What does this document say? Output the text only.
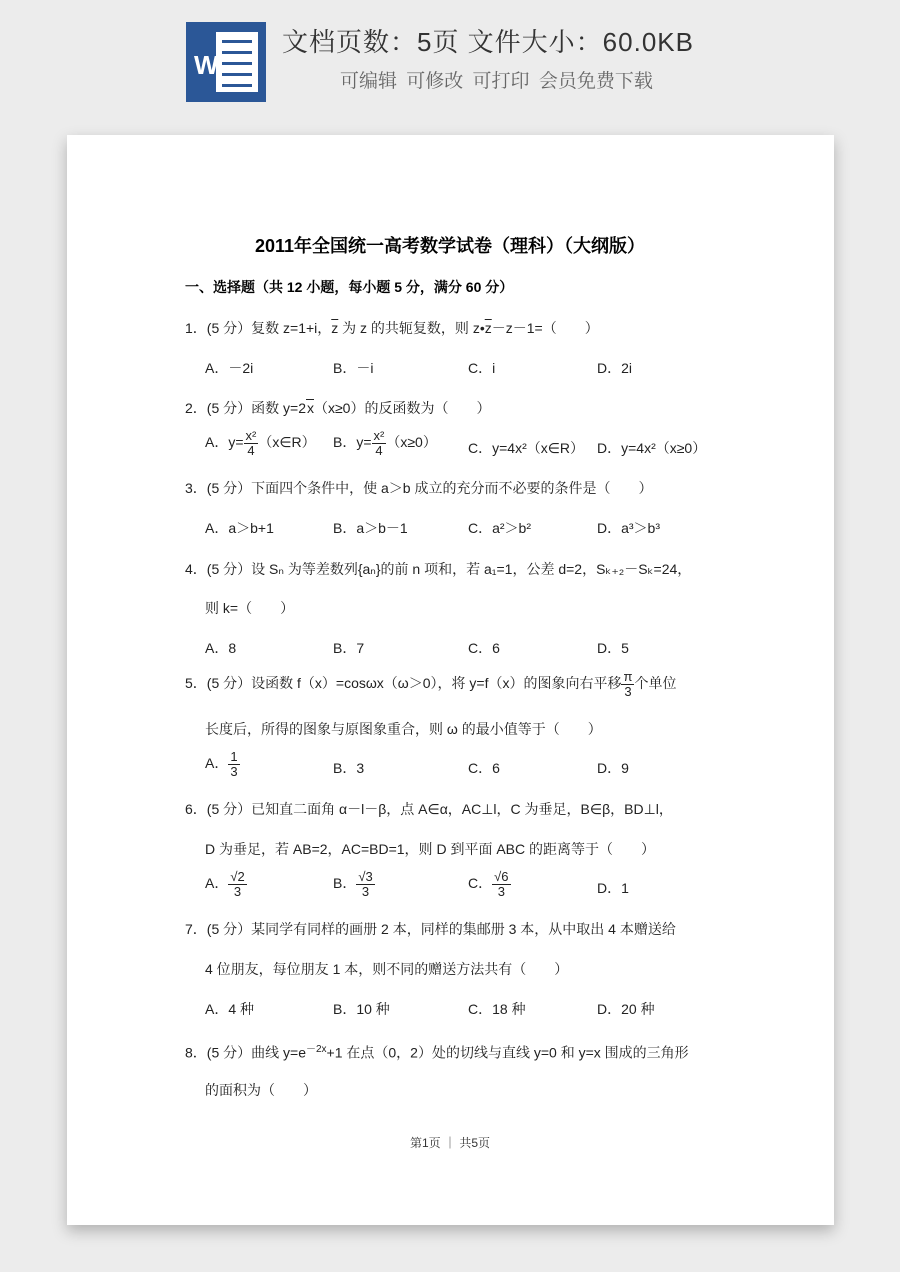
W
文档页数：5页 文件大小：60.0KB
可编辑 可修改 可打印 会员免费下载
2011年全国统一高考数学试卷（理科）（大纲版）
一、选择题（共 12 小题，每小题 5 分，满分 60 分）
1．(5 分）复数 z=1+i，$\overline{z}$ 为 z 的共轭复数，则 $z•\overline{z}-z-1=$（　　）
A．－2i	B．－i	C．i	D．2i
2．(5 分）函数 y=2x（x≥0）的反函数为（　　）
A．$y= \frac{\text{x²}}{4}$ （x∈R） B．$y= \frac{\text{x²}}{4} (x\ge 0)$ C．y=4x²（x∈R） D．y=4x²（x≥0）
3．(5 分）下面四个条件中，使 a＞b 成立的充分而不必要的条件是（　　）
A．a＞b+1	B．a＞b－1	C．a²＞b²	D．a³＞b³
4．(5 分）设 Sₙ 为等差数列{aₙ}的前 n 项和，若 a₁=1，公差 d=2，Sₖ₊₂－Sₖ=24，
则 k=（　　）
A．8	B．7	C．6	D．5
5．(5 分）设函数 f（x）=cosωx（ω＞0），将 y=f（x）的图象向右平移 $\frac{\pi}{3}$ 个单位
长度后，所得的图象与原图象重合，则 ω 的最小值等于（　　）
A． $\frac{1}{3}$	B．3	C．6	D．9
6．(5 分）已知直二面角 α－l－β，点 A∈α，AC⊥l，C 为垂足，B∈β，BD⊥l，
D 为垂足，若 AB=2，AC=BD=1，则 D 到平面 ABC 的距离等于（　　）
A． $\frac{√2}{3}$	B． $\frac{√3}{3}$	C． $\frac{√6}{3}$	D．1
7．(5 分）某同学有同样的画册 2 本，同样的集邮册 3 本，从中取出 4 本赠送给
4 位朋友，每位朋友 1 本，则不同的赠送方法共有（　　）
A．4 种	B．10 种	C．18 种	D．20 种
8．(5 分）曲线 $y=e^{-2x}+1$ 在点（0，2）处的切线与直线 y=0 和 y=x 围成的三角形
的面积为（　　）
第1页 ｜ 共5页
